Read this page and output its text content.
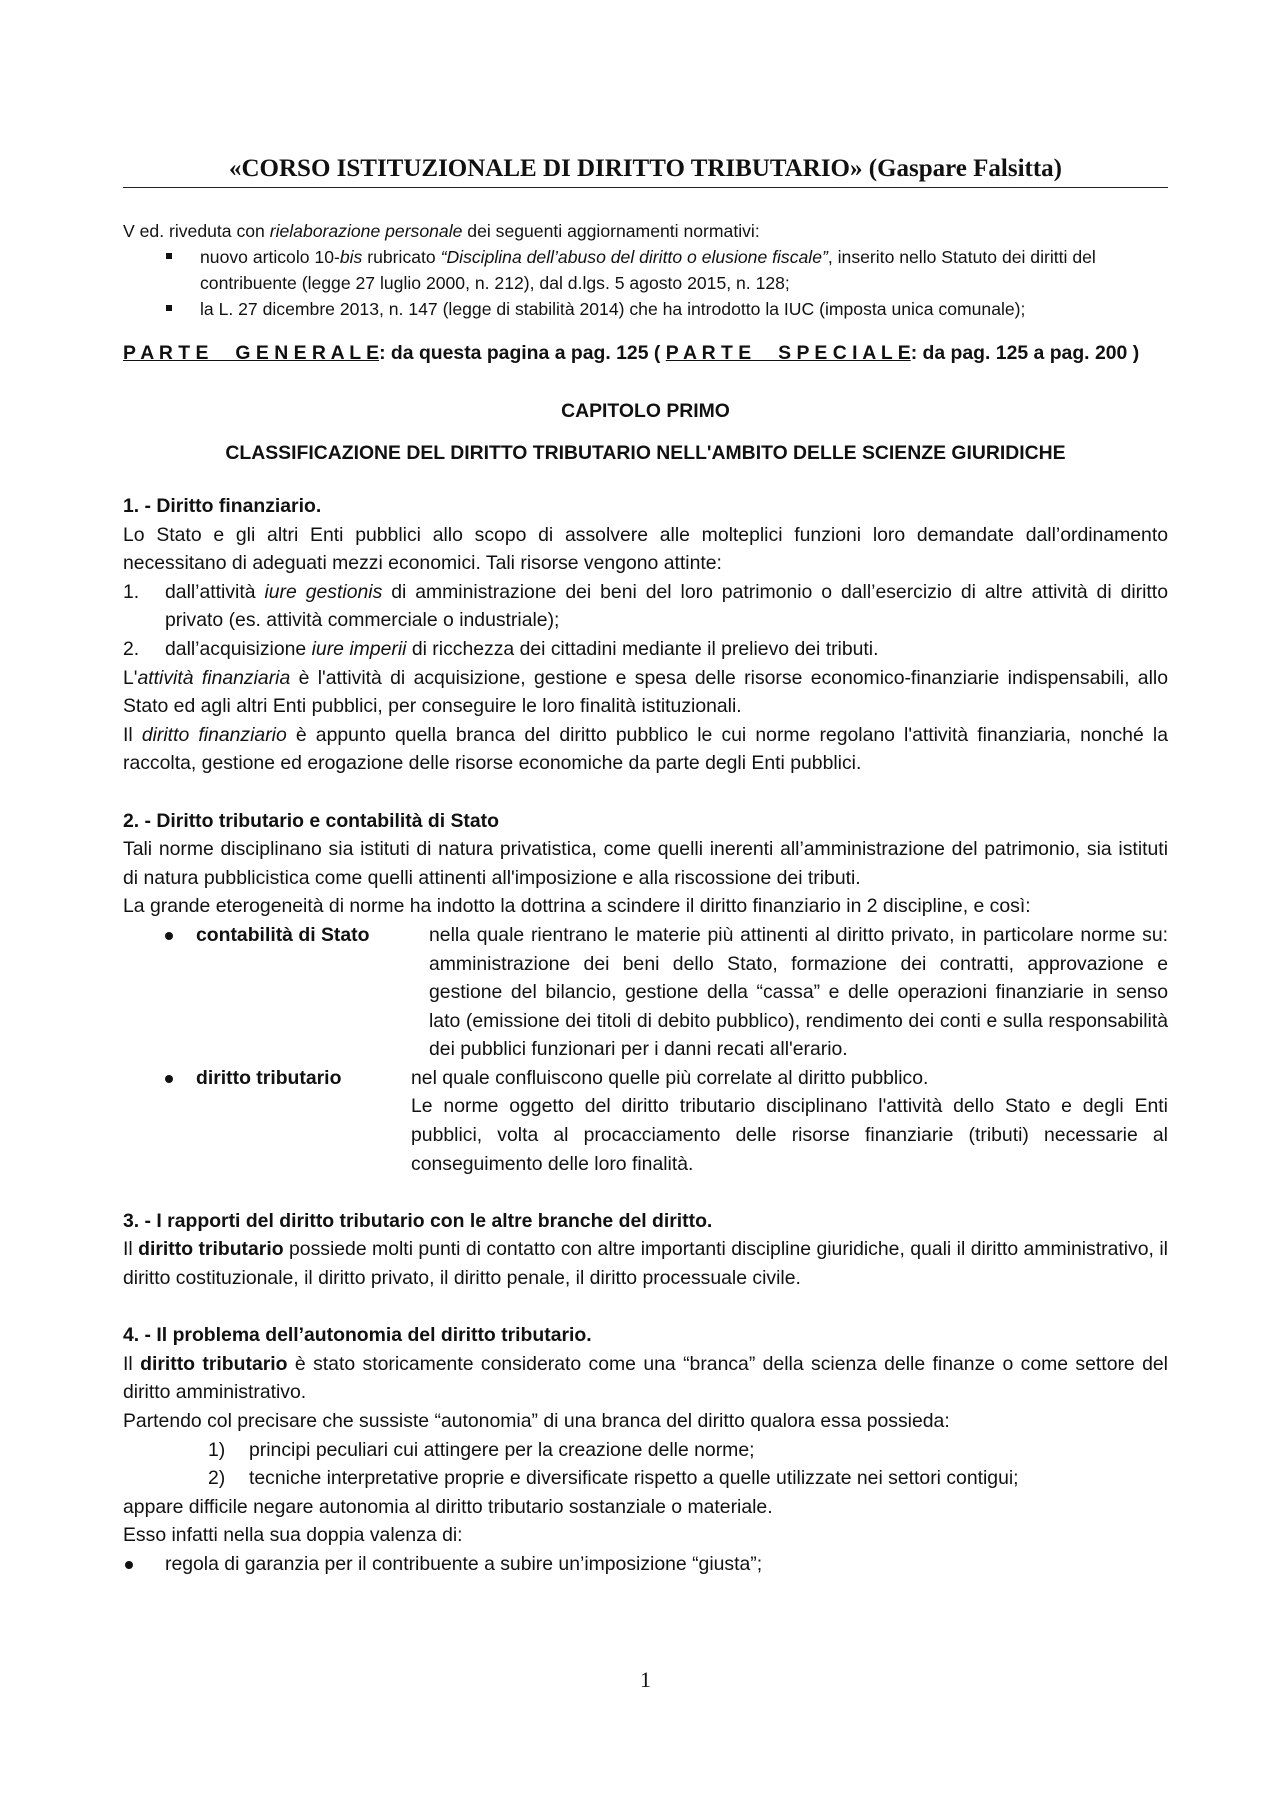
«CORSO ISTITUZIONALE DI DIRITTO TRIBUTARIO» (Gaspare Falsitta)

V ed. riveduta con rielaborazione personale dei seguenti aggiornamenti normativi:

nuovo articolo 10-bis rubricato “Disciplina dell’abuso del diritto o elusione fiscale”, inserito nello Statuto dei diritti del contribuente (legge 27 luglio 2000, n. 212), dal d.lgs. 5 agosto 2015, n. 128;
la L. 27 dicembre 2013, n. 147 (legge di stabilità 2014) che ha introdotto la IUC (imposta unica comunale);
P A R T E     G E N E R A L E: da questa pagina a pag. 125 ( P A R T E     S P E C I A L E: da pag. 125 a pag. 200 )
CAPITOLO PRIMO
CLASSIFICAZIONE DEL DIRITTO TRIBUTARIO NELL'AMBITO DELLE SCIENZE GIURIDICHE

1. - Diritto finanziario.

Lo Stato e gli altri Enti pubblici allo scopo di assolvere alle molteplici funzioni loro demandate dall’ordinamento necessitano di adeguati mezzi economici. Tali risorse vengono attinte:

1. dall’attività iure gestionis di amministrazione dei beni del loro patrimonio o dall’esercizio di altre attività di diritto privato (es. attività commerciale o industriale);

2. dall’acquisizione iure imperii di ricchezza dei cittadini mediante il prelievo dei tributi.

L'attività finanziaria è l'attività di acquisizione, gestione e spesa delle risorse economico-finanziarie indispensabili, allo Stato ed agli altri Enti pubblici, per conseguire le loro finalità istituzionali.

Il diritto finanziario è appunto quella branca del diritto pubblico le cui norme regolano l'attività finanziaria, nonché la raccolta, gestione ed erogazione delle risorse economiche da parte degli Enti pubblici.

2. - Diritto tributario e contabilità di Stato

Tali norme disciplinano sia istituti di natura privatistica, come quelli inerenti all’amministrazione del patrimonio, sia istituti di natura pubblicistica come quelli attinenti all'imposizione e alla riscossione dei tributi.

La grande eterogeneità di norme ha indotto la dottrina a scindere il diritto finanziario in 2 discipline, e così:

contabilità di Stato	nella quale rientrano le materie più attinenti al diritto privato, in particolare norme su: amministrazione dei beni dello Stato, formazione dei contratti, approvazione e gestione del bilancio, gestione della “cassa” e delle operazioni finanziarie in senso lato (emissione dei titoli di debito pubblico), rendimento dei conti e sulla responsabilità dei pubblici funzionari per i danni recati all'erario.
diritto tributario	nel quale confluiscono quelle più correlate al diritto pubblico.
Le norme oggetto del diritto tributario disciplinano l'attività dello Stato e degli Enti pubblici, volta al procacciamento delle risorse finanziarie (tributi) necessarie al conseguimento delle loro finalità.

3. - I rapporti del diritto tributario con le altre branche del diritto.

Il diritto tributario possiede molti punti di contatto con altre importanti discipline giuridiche, quali il diritto amministrativo, il diritto costituzionale, il diritto privato, il diritto penale, il diritto processuale civile.

4. - Il problema dell’autonomia del diritto tributario.

Il diritto tributario è stato storicamente considerato come una “branca” della scienza delle finanze o come settore del diritto amministrativo.

Partendo col precisare che sussiste “autonomia” di una branca del diritto qualora essa possieda:

1) principi peculiari cui attingere per la creazione delle norme;

2) tecniche interpretative proprie e diversificate rispetto a quelle utilizzate nei settori contigui;

appare difficile negare autonomia al diritto tributario sostanziale o materiale.

Esso infatti nella sua doppia valenza di:

regola di garanzia per il contribuente a subire un’imposizione “giusta”;

1
